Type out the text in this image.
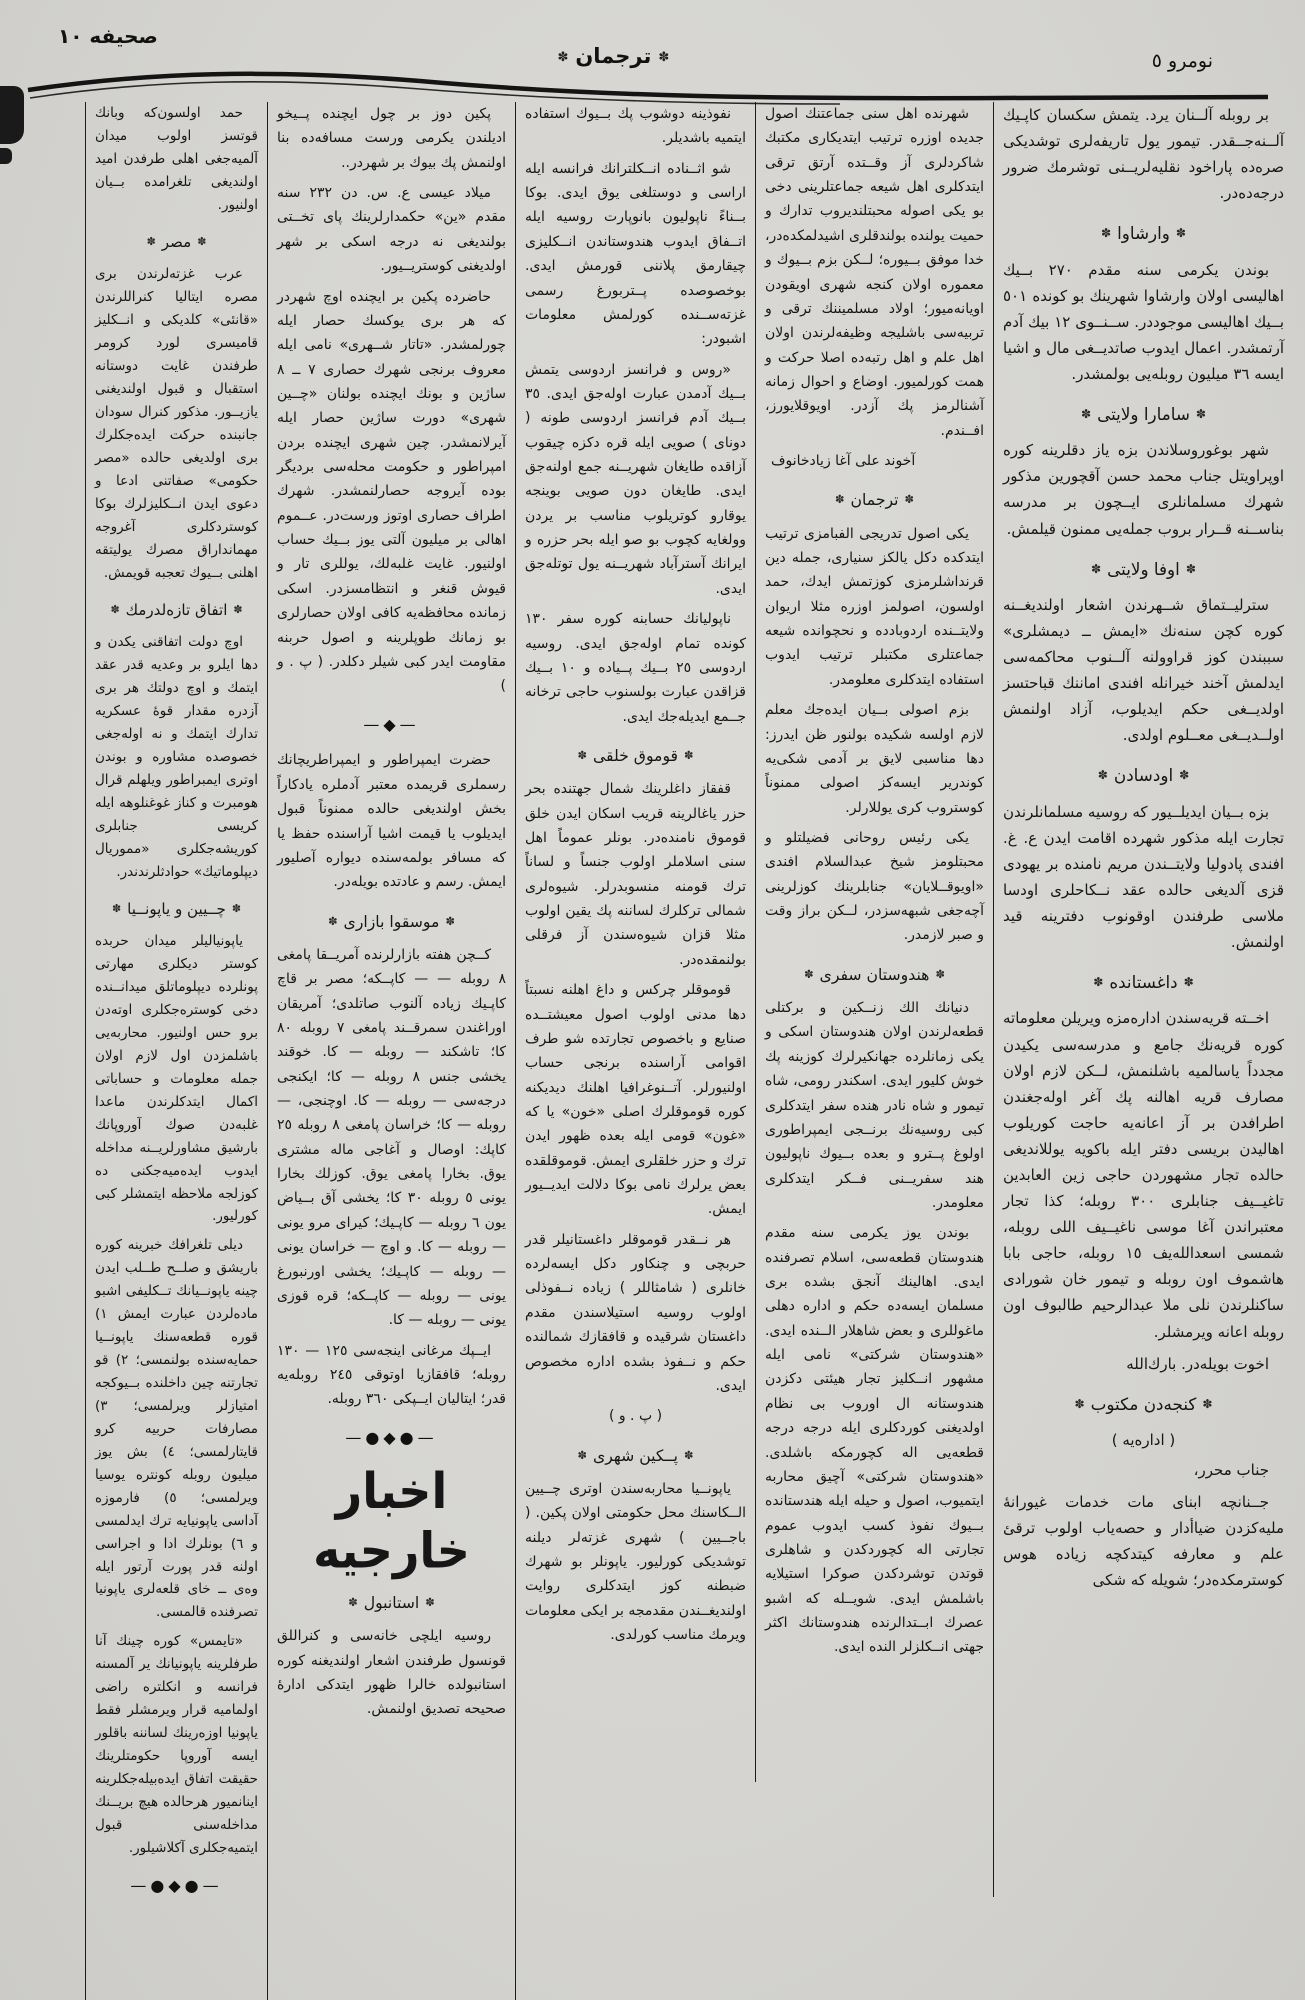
صحيفه ١٠
✽ ترجمان ✽	نومرو ٥
بر روبله آلــنان يرد. يتمش سكسان كاپـيك آلــنه‌جــقدر. تيمور يول تاريفه‌لرى توشديكى صره‌ده پاراخود نقليه‌لريــنى توشرمك ضرور درجه‌ده‌در.
✽ وارشاوا ✽
بوندن يكرمى سنه مقدم ٢٧٠ بــيك اهاليسى اولان وارشاوا شهرينك بو كونده ٥٠١ بــيك اهاليسى موجوددر. ســنــوى ١٢ بيك آدم آرتمشدر. اعمال ايدوب صاتديــغى مال و اشيا ايسه ٣٦ ميليون روبله‌يى بولمشدر.
✽ سامارا ولايتى ✽
شهر بوغوروسلاندن بزه ياز دقلرينه كوره اوپراويتل جناب محمد حسن آقچورين مذكور شهرك مسلمانلرى ايــچون بر مدرسه بناســنه قــرار بروب جمله‌يى ممنون قيلمش.
✽ اوفا ولايتى ✽
سترليــتماق شــهرندن اشعار اولنديغــنه كوره كچن سنه‌نك «ايمش ــ ديمشلرى» سببندن كوز قراوولنه آلــنوب محاكمه‌سى ايدلمش آخند خيرانله افندى اماننك قباحتسز اولديــغى حكم ايديلوب، آزاد اولنمش اولــديــغى معــلوم اولدى.
✽ اودسادن ✽
بزه بــيان ايديلــيور كه روسيه مسلمانلرندن تجارت ايله مذكور شهرده اقامت ايدن ع. غ. افندى پادوليا ولايتــندن مريم نامنده بر يهودى قزى آلديغى حالده عقد نــكاحلرى اودسا ملاسى طرفندن اوقونوب دفترينه قيد اولنمش.
✽ داغستانده ✽
اخــته قريه‌سندن اداره‌مزه ويريلن معلوماته كوره قريه‌نك جامع و مدرسه‌سى يكيدن مجدداً ياسالميه باشلنمش، لــكن لازم اولان مصارف قريه اهالنه پك آغر اوله‌جغندن اطرافدن بر آز اعانه‌يه حاجت كوريلوب اهاليدن بريسى دفتر ايله باكويه يوللانديغى حالده تجار مشهوردن حاجى زين العابدين تاغيــيف جنابلرى ٣٠٠ روبله؛ كذا تجار معتبراندن آغا موسى ناغيــيف اللى روبله، شمسى اسعدالله‌يف ١٥ روبله، حاجى بابا هاشموف اون روبله و تيمور خان شورادى ساكنلرندن نلى ملا عبدالرحيم طالبوف اون روبله اعانه ويرمشلر.
اخوت بويله‌در. بارك‌الله
✽ كنجه‌دن مكتوب ✽
( اداره‌يه )
جناب محرر،
جــنانچه ابناى مات خدمات غيورانهٔ مليه‌كزدن ضياأدار و حصه‌ياب اولوب ترقئ علم و معارفه كيتدكچه زياده هوس كوسترمكده‌در؛ شويله كه شكى
شهرنده اهل سنى جماعتنك اصول جديده اوزره ترتيب ايتديكارى مكتبك شاكردلرى آز وقــتده آرتق ترقى ايتدكلرى اهل شيعه جماعتلرينى دخى بو يكى اصوله محبتلنديروب تدارك و حميت يولنده بولندقلرى اشيدلمكده‌در، خدا موفق بــيوره؛ لــكن بزم بــيوك و معموره اولان كنجه شهرى اويقودن اويانه‌ميور؛ اولاد مسلميننك ترقى و تربيه‌سى باشليجه وظيفه‌لرندن اولان اهل علم و اهل رتبه‌ده اصلا حركت و همت كورلميور. اوضاع و احوال زمانه آشنالرمز پك آزدر. اويوقلايورز، افــندم.
آخوند على آغا زيادخانوف
✽ ترجمان ✽
يكى اصول تدريجى الفبامزى ترتيب ايتدكده دكل يالكز سنيارى، جمله دين قرنداشلرمزى كوزتمش ايدك، حمد اولسون، اصولمز اوزره مثلا اريوان ولايتــنده اردوبادده و نحچواندە شيعه جماعتلرى مكتبلر ترتيب ايدوب استفاده ايتدكلرى معلومدر.
بزم اصولى بــيان ايده‌جك معلم لازم اولسه شكيده بولنور ظن ايدرز: دها مناسبى لايق بر آدمى شكى‌يه كوندرير ايسه‌كز اصولى ممنوناً كوستروب كرى يوللارلر.
يكى رئيس روحانى فضيلتلو و محبتلومز شيخ عبدالسلام افندى «اويوقــلايان» جنابلرينك كوزلرينى آچه‌جغى شبهه‌سزدر، لــكن براز وقت و صبر لازمدر.
✽ هندوستان سفرى ✽
دنيانك الك زنــكين و بركتلى قطعه‌لرندن اولان هندوستان اسكى و يكى زمانلرده جهانكيرلرك كوزينه پك خوش كليور ايدى. اسكندر رومى، شاه تيمور و شاه نادر هنده سفر ايتدكلرى كبى روسيه‌نك برنــجى ايمپراطورى اولوغ پــترو و بعده بــيوك ناپوليون هند سفريــنى فــكر ايتدكلرى معلومدر.
بوندن يوز يكرمى سنه مقدم هندوستان قطعه‌سى، اسلام تصرفنده ايدى. اهالينك آنجق بشده برى مسلمان ايسه‌ده حكم و اداره دهلى ماغوللرى و بعض شاهلار الــنده ايدى. «هندوستان شركتى» نامى ايله مشهور انــكليز تجار هيئتى دكزدن هندوستانه ال اوروب بى نظام اولديغنى كوردكلرى ايله درجه درجه قطعه‌يى اله كچورمكه باشلدى. «هندوستان شركتى» آچيق محاربه ايتميوب، اصول و حيله ايله هندستانده بــيوك نفوذ كسب ايدوب عموم تجارتى اله كچوردكدن و شاهلرى قوتدن توشردكدن صوكرا استيلايه باشلمش ايدى. شويــله كه اشبو عصرك ابــتدالرنده هندوستانك اكثر جهتى انــكلزلر النده ايدى.
نفوذينه دوشوب پك بــيوك استفاده ايتميه باشديلر.
شو اثــناده انــكلترانك فرانسه ايله اراسى و دوستلغى يوق ايدى. بوكا بــناءً ناپوليون بانوپارت روسيه ايله اتــفاق ايدوب هندوستاندن انــكليزى چيقارمق پلاننى قورمش ايدى. بوخصوصده پــتربورغ رسمى غزته‌ســنده كورلمش معلومات اشبودر:
«روس و فرانسز اردوسى يتمش بــيك آدمدن عبارت اوله‌جق ايدى. ٣٥ بــيك آدم فرانسز اردوسى طونه ( دوناى ) صويى ايله قره دكزه چيقوب آزاقده طايغان شهريــنه جمع اولنه‌جق ايدى. طايغان دون صويى بوينجه يوقارو كوتريلوب مناسب بر يردن وولغايه كچوب بو صو ايله بحر حزره و ايرانك آسترآباد شهريــنه يول توتله‌جق ايدى.
ناپوليانك حسابنه كوره سفر ١٣٠ كونده تمام اوله‌جق ايدى. روسيه اردوسى ٢٥ بــيك پــياده و ١٠ بــيك قزاقدن عبارت بولسنوب حاجى ترخانه جــمع ايديله‌جك ايدى.
✽ قوموق خلقى ✽
قفقاز داغلرينك شمال جهتنده بحر حزر ياغالرينه قريب اسكان ايدن خلق قوموق نامنده‌در. بونلر عموماً اهل سنى اسلاملر اولوب جنساً و لساناً ترك قومنه منسوبدرلر. شيوه‌لرى شمالى تركلرك لساننه پك يقين اولوب مثلا قزان شيوه‌سندن آز فرقلى بولنمقده‌در.
قوموقلر چركس و داغ اهلنه نسبتاً دها مدنى اولوب اصول معيشتــده صنايع و باخصوص تجارتده شو طرف اقوامى آراسنده برنجى حساب اولنيورلر. آتــنوغرافيا اهلنك ديديكنه كوره قوموقلرك اصلى «خون» يا كه «غون» قومى ايله بعده ظهور ايدن ترك و حزر خلقلرى ايمش. قوموقلقده بعض يرلرك نامى بوكا دلالت ايديــيور ايمش.
هر نــقدر قوموقلر داغستانيلر قدر حربچى و چنكاور دكل ايسه‌لرده خانلرى ( شامثاللر ) زياده نــفوذلى اولوب روسيه استيلاسندن مقدم داغستان شرقيده و قافقازك شمالنده حكم و نــفوذ بشده اداره مخصوص ايدى.
( پ . و )
✽ پــكين شهرى ✽
ياپونــيا محاربه‌سندن اوترى چــيين الــكاسنك محل حكومتى اولان پكين. ( باجــيين ) شهرى غزته‌لر ديلنه توشديكى كورليور. ياپونلر بو شهرك ضبطنه كوز ايتدكلرى روايت اولنديغــندن مقدمجه بر ايكى معلومات ويرمك مناسب كورلدى.
پكين دوز بر چول ايچنده پــيخو اديلندن يكرمى ورست مسافه‌ده بنا اولنمش پك بيوك بر شهردر..
ميلاد عيسى ع. س. دن ٢٣٢ سنه مقدم «ين» حكمدارلرينك پاى تخــتى بولنديغى نه درجه اسكى بر شهر اولديغنى كوستريــيور.
حاضرده پكين بر ايچنده اوچ شهردر كه هر برى يوكسك حصار ايله چورلمشدر. «تاتار شــهرى» نامى ايله معروف برنجى شهرك حصارى ٧ ــ ٨ ساژين و بونك ايچنده بولنان «چــين شهرى» دورت ساژين حصار ايله آيرلانمشدر. چين شهرى ايچنده بردن امپراطور و حكومت محله‌سى برديگر بوده آيروجه حصارلنمشدر. شهرك اطراف حصارى اوتوز ورست‌در. عــموم اهالى بر ميليون آلتى يوز بــيك حساب اولنيور. غايت غلبه‌لك، يوللرى تار و قيوش قنغر و انتظامسزدر. اسكى زمانده محافظه‌يه كافى اولان حصارلرى بو زمانك طوپلرينه و اصول حربنه مقاومت ايدر كبى شيلر دكلدر. ( پ . و )
—◆—
حضرت ايمپراطور و ايمپراطريچانك رسملرى قريمده معتبر آدملره يادكاراً بخش اولنديغى حالده ممنوناً قبول ايديلوب يا قيمت اشيا آراسنده حفظ يا كه مسافر بولمه‌سنده ديواره آصليور ايمش. رسم و عادتده بويله‌در.
✽ موسقوا بازارى ✽
كــچن هفته بازارلرنده آمريــقا پامغى ٨ روبله — — كاپــكه؛ مصر بر قاچ كاپـيك زياده آلنوب صاتلدى؛ آمريقان اوراغندن سمرقــند پامغى ٧ روبله ٨٠ كا؛ تاشكند — روبله — كا. خوقند يخشى جنس ٨ روبله — كا؛ ايكنجى درجه‌سى — روبله — كا. اوچنجى، — روبله — كا؛ خراسان پامغى ٨ روبله ٢٥ كاپك: اوصال و آغاجى ماله مشترى يوق. بخارا پامغى يوق. كوزلك بخارا يونى ٥ روبله ٣٠ كا؛ يخشى آق بــياض يون ٦ روبله — كاپـيك؛ كيراى مرو يونى — روبله — كا. و اوچ — خراسان يونى — روبله — كاپـيك؛ يخشى اورنبورغ يونى — روبله — كاپــكه؛ قره قوزى يونى — روبله — كا.
ايــپك مرغانى اينجه‌سى ١٢٥ — ١٣٠ روبله؛ قافقازيا اوتوقى ٢٤٥ روبله‌يه قدر؛ ايتاليان ايــپكى ٣٦٠ روبله.
—●◆●—
اخبار خارجيه
✽ استانبول ✽
روسيه ايلچى خانه‌سى و كنراللق قونسول طرفندن اشعار اولنديغنه كوره استانبولده خالرا ظهور ايتدكى ادارهٔ صحيحه تصديق اولنمش.
حمد اولسون‌كه وبانك قوتسز اولوب ميدان آلميه‌جغى اهلى طرفدن اميد اولنديغى تلغرامده بــيان اولنيور.
✽ مصر ✽
عرب غزته‌لرندن برى مصره ايتاليا كنراللرندن «قانئى» كلديكى و انــكليز قاميسرى لورد كرومر طرفندن غايت دوستانه استقبال و قبول اولنديغنى يازيــور. مذكور كنرال سودان جانبنده حركت ايده‌جكلرك برى اولديغى حالده «مصر حكومى» صفاتنى ادعا و دعوى ايدن انــكليزلرك بوكا كوستردكلرى آغروجه مهمانداراق مصرك يوليتقه اهلنى بــيوك تعجبه قويمش.
✽ اتفاق تازه‌لدرمك ✽
اوچ دولت اتفاقنى يكدن و دها ايلرو بر وعديه قدر عقد ايتمك و اوچ دولتك هر برى آزدره مقدار قوهٔ عسكريه تدارك ايتمك و نه اوله‌جغى خصوصده مشاوره و بوندن اوترى ايمبراطور ويلهلم قرال هومبرت و كناز غوغنلوهه ايله كريسى جنابلرى كوريشه‌جكلرى «مموريال ديپلوماتيك» حوادثلرندندر.
✽ چــيين و ياپونــيا ✽
ياپونياليلر ميدان حربده كوستر ديكلرى مهارتى پونلرده ديپلوماتلق ميدانــنده دخى كوستره‌جكلرى اوته‌دن برو حس اولنيور. محاربه‌يى باشلمزدن اول لازم اولان جمله معلومات و حساباتى اكمال ايتدكلرندن ماعدا غلبه‌دن صوك آوروپانك بارشيق مشاورلريــنه مداخله ايدوب ايده‌ميه‌جكنى ده كوزلجه ملاحظه ايتمشلر كبى كورليور.
ديلى تلغرافك خبرينه كوره باريشق و صلــح طــلب ايدن چينه ياپونــيانك تــكليفى اشبو ماده‌لردن عبارت ايمش ١) قوره قطعه‌سنك ياپونــيا حمايه‌سنده بولنمسى؛ ٢) قو تجارتنه چين داخلنده بــيوكجه امتيازلر ويرلمسى؛ ٣) مصارفات حربيه كرو قايتارلمسى؛ ٤) بش يوز ميليون روبله كونتره يوسيا ويرلمسى؛ ٥) فارموزه آداسى ياپونيايه ترك ايدلمسى و ٦) بونلرك ادا و اجراسى اولنه قدر پورت آرتور ايله وەى ــ خاى قلعه‌لرى ياپونيا تصرفنده قالمسى.
«تايمس» كوره چينك آنا طرفلرينه ياپونيانك ير آلمسنه فرانسه و انكلتره راضى اولماميه قرار ويرمشلر فقط ياپونيا اوزه‌رينك لساننه باقلور ايسه آوروپا حكومتلرينك حقيقت اتفاق ايده‌بيله‌جكلرينه اينانميور هرحالده هيچ بريــنك مداخله‌سنى قبول ايتميه‌جكلرى آكلاشيلور.
—●◆●—
